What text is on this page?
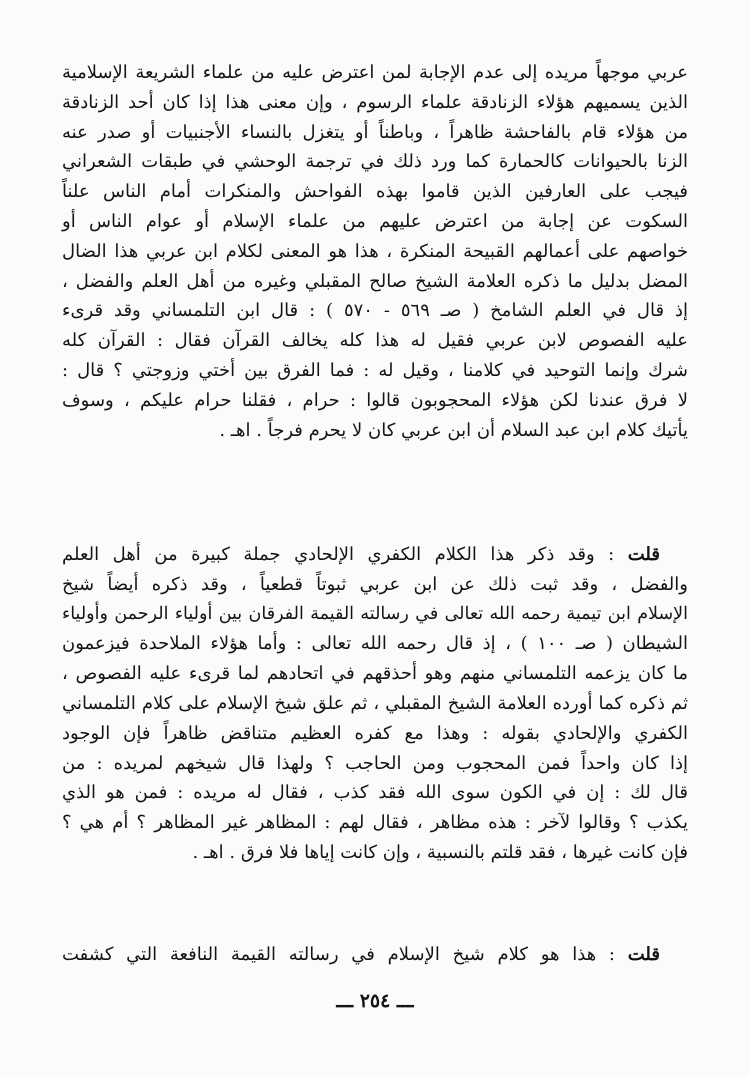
عربي موجهاً مريده إلى عدم الإجابة لمن اعترض عليه من علماء الشريعة الإسلامية
الذين يسميهم هؤلاء الزنادقة علماء الرسوم ، وإن معنى هذا إذا كان أحد الزنادقة
من هؤلاء قام بالفاحشة ظاهراً ، وباطناً أو يتغزل بالنساء الأجنبيات أو صدر عنه
الزنا بالحيوانات كالحمارة كما ورد ذلك في ترجمة الوحشي في طبقات الشعراني
فيجب على العارفين الذين قاموا بهذه الفواحش والمنكرات أمام الناس علناً
السكوت عن إجابة من اعترض عليهم من علماء الإسلام أو عوام الناس أو
خواصهم على أعمالهم القبيحة المنكرة ، هذا هو المعنى لكلام ابن عربي هذا الضال
المضل بدليل ما ذكره العلامة الشيخ صالح المقبلي وغيره من أهل العلم والفضل ،
إذ قال في العلم الشامخ ( صـ ٥٦٩ - ٥٧٠ ) : قال ابن التلمساني وقد قرىء
عليه الفصوص لابن عربي فقيل له هذا كله يخالف القرآن فقال : القرآن كله
شرك وإنما التوحيد في كلامنا ، وقيل له : فما الفرق بين أختي وزوجتي ؟ قال :
لا فرق عندنا لكن هؤلاء المحجوبون قالوا : حرام ، فقلنا حرام عليكم ، وسوف
يأتيك كلام ابن عبد السلام أن ابن عربي كان لا يحرم فرجاً . اهـ .
قلت : وقد ذكر هذا الكلام الكفري الإلحادي جملة كبيرة من أهل العلم
والفضل ، وقد ثبت ذلك عن ابن عربي ثبوتاً قطعياً ، وقد ذكره أيضاً شيخ
الإسلام ابن تيمية رحمه الله تعالى في رسالته القيمة الفرقان بين أولياء الرحمن وأولياء
الشيطان ( صـ ١٠٠ ) ، إذ قال رحمه الله تعالى : وأما هؤلاء الملاحدة فيزعمون
ما كان يزعمه التلمساني منهم وهو أحذقهم في اتحادهم لما قرىء عليه الفصوص ،
ثم ذكره كما أورده العلامة الشيخ المقبلي ، ثم علق شيخ الإسلام على كلام التلمساني
الكفري والإلحادي بقوله : وهذا مع كفره العظيم متناقض ظاهراً فإن الوجود
إذا كان واحداً فمن المحجوب ومن الحاجب ؟ ولهذا قال شيخهم لمريده : من
قال لك : إن في الكون سوى الله فقد كذب ، فقال له مريده : فمن هو الذي
يكذب ؟ وقالوا لآخر : هذه مظاهر ، فقال لهم : المظاهر غير المظاهر ؟ أم هي ؟
فإن كانت غيرها ، فقد قلتم بالنسبية ، وإن كانت إياها فلا فرق . اهـ .
قلت : هذا هو كلام شيخ الإسلام في رسالته القيمة النافعة التي كشفت
ـــ ٢٥٤ ـــ
